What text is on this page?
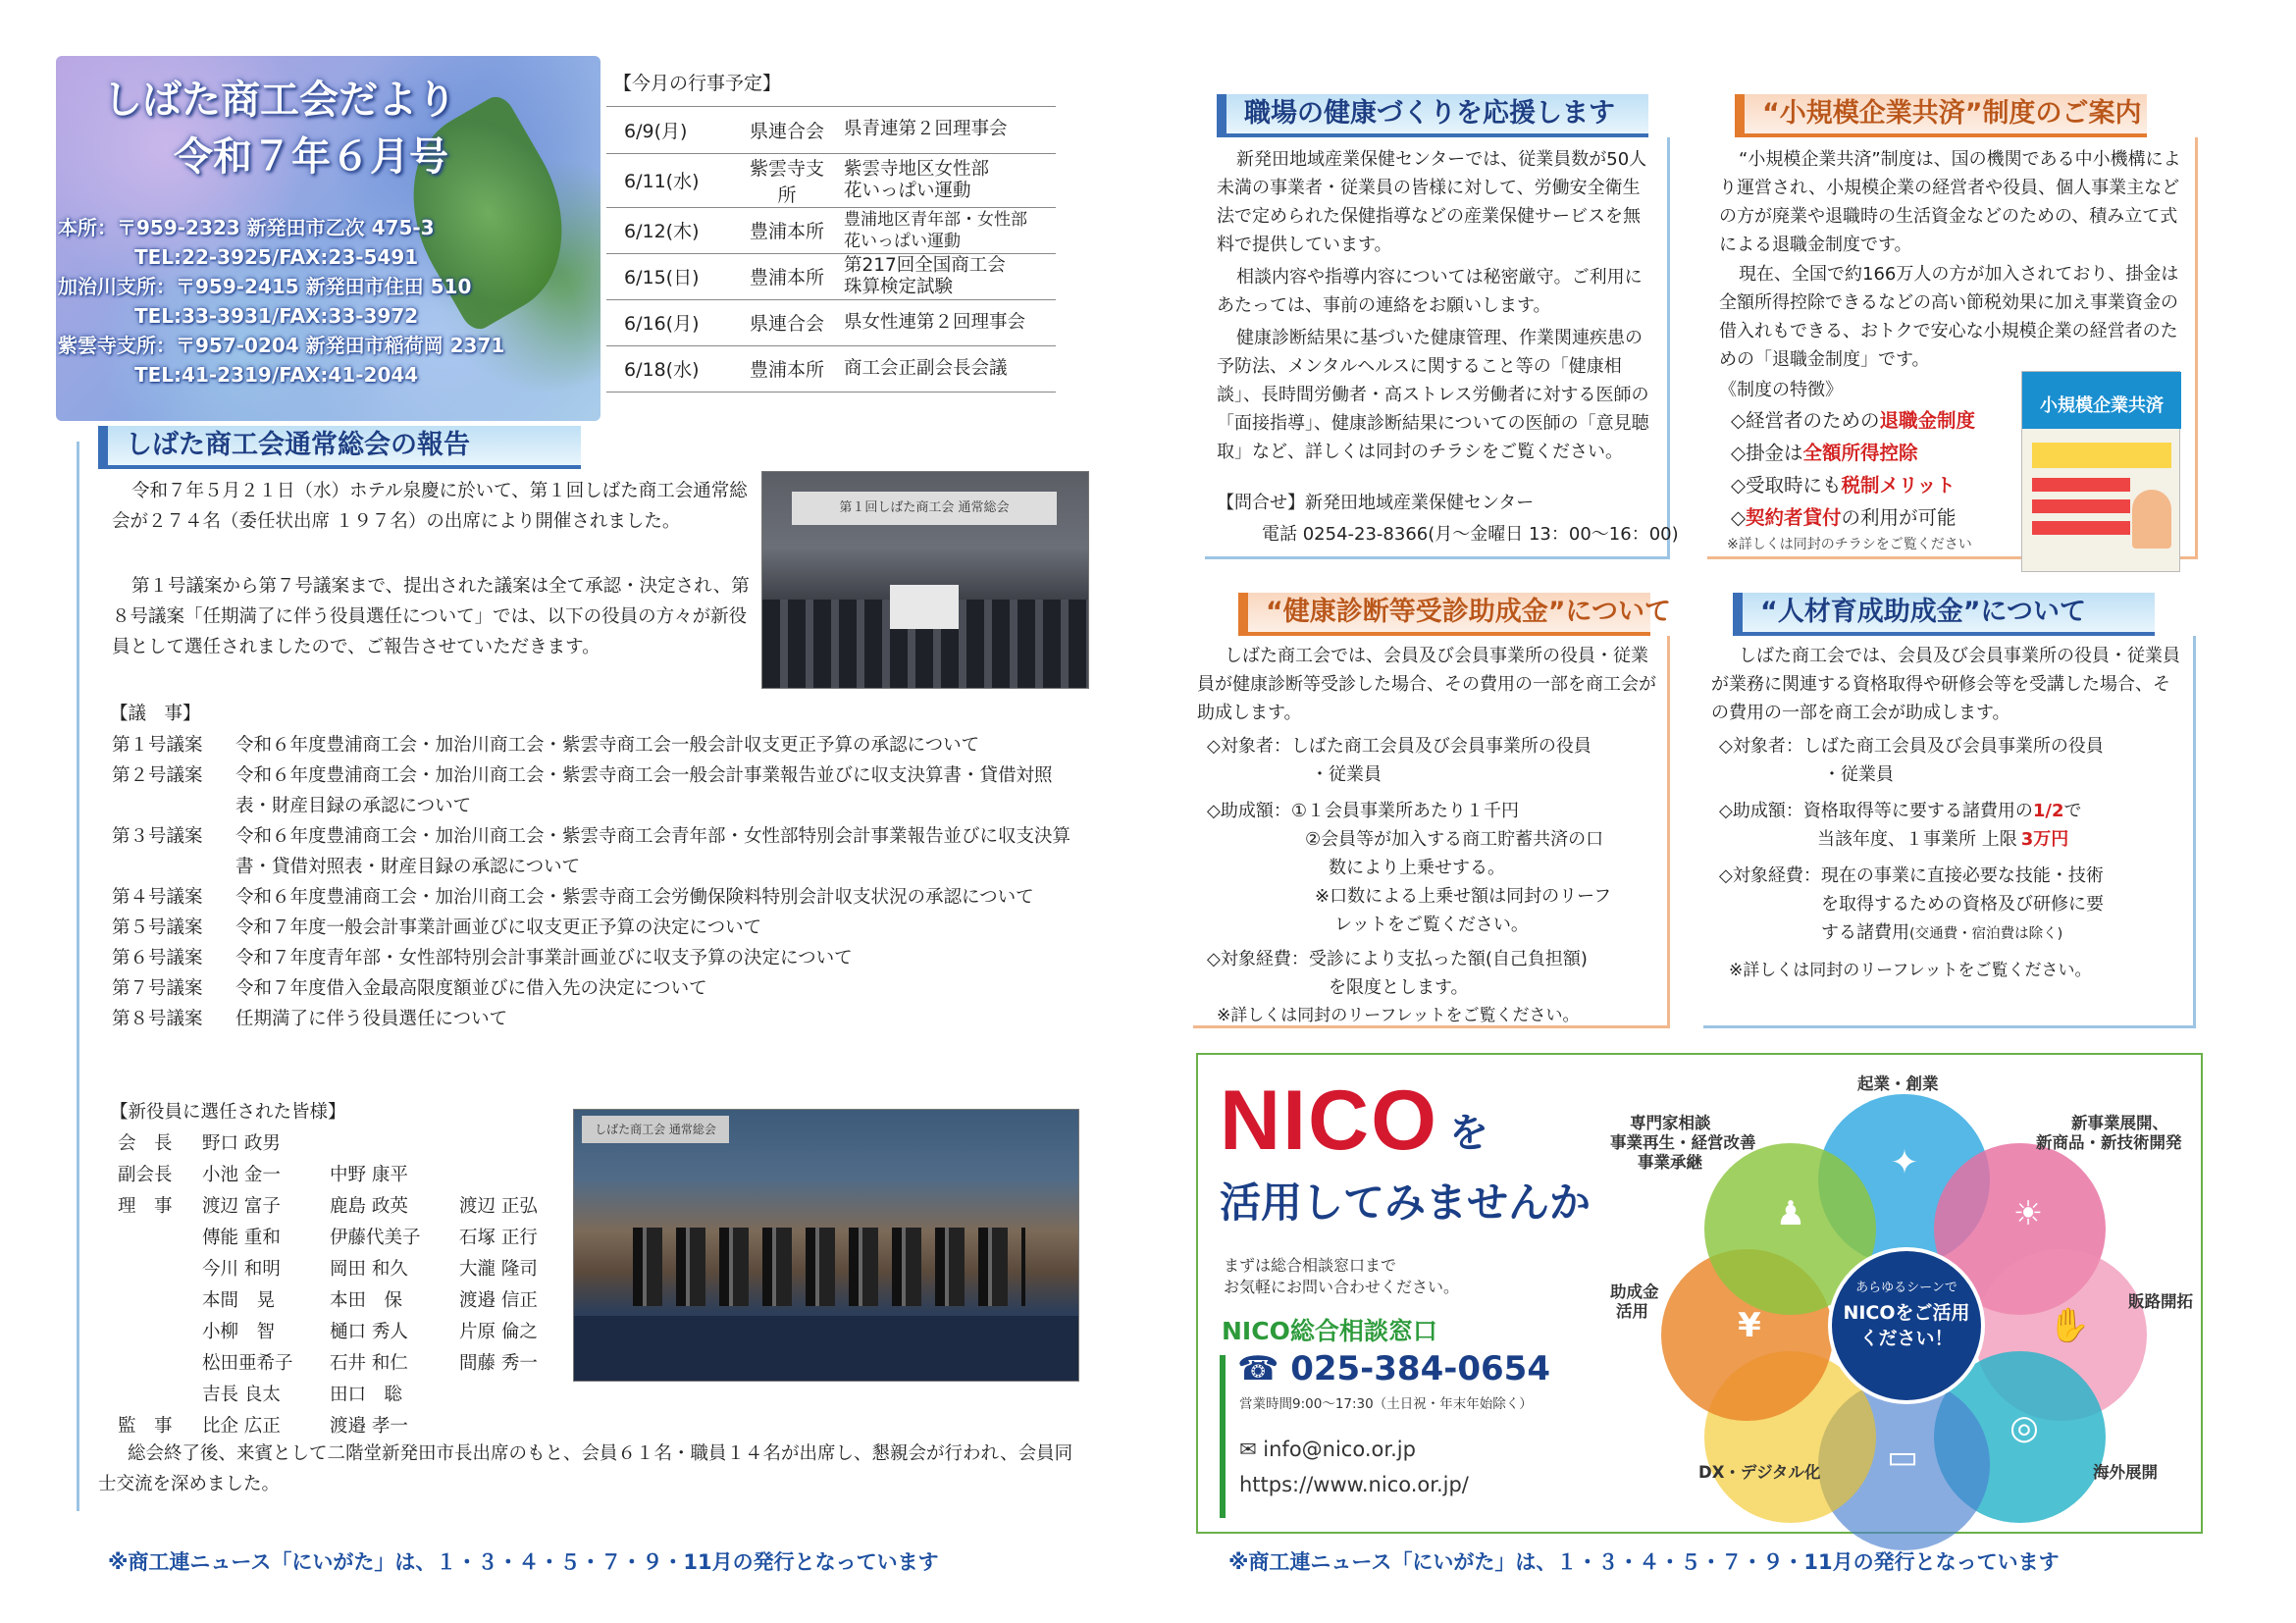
しばた商工会だより
令和７年６月号
本所：〒959-2323 新発田市乙次 475-3
TEL:22-3925/FAX:23-5491
加治川支所：〒959-2415 新発田市住田 510
TEL:33-3931/FAX:33-3972
紫雲寺支所：〒957-0204 新発田市稲荷岡 2371
TEL:41-2319/FAX:41-2044
【今月の行事予定】
6/9(月)	県連合会	県青連第２回理事会

6/11(水)	紫雲寺支所	紫雲寺地区女性部
花いっぱい運動

6/12(木)	豊浦本所	豊浦地区青年部・女性部
花いっぱい運動

6/15(日)	豊浦本所	第217回全国商工会
珠算検定試験

6/16(月)	県連合会	県女性連第２回理事会

6/18(水)	豊浦本所	商工会正副会長会議
しばた商工会通常総会の報告
令和７年５月２１日（水）ホテル泉慶に於いて、第１回しばた商工会通常総会が２７４名（委任状出席 １９７名）の出席により開催されました。
第１号議案から第７号議案まで、提出された議案は全て承認・決定され、第８号議案「任期満了に伴う役員選任について」では、以下の役員の方々が新役員として選任されましたので、ご報告させていただきます。
第１回しばた商工会 通常総会
【議　事】
第１号議案	令和６年度豊浦商工会・加治川商工会・紫雲寺商工会一般会計収支更正予算の承認について
第２号議案	令和６年度豊浦商工会・加治川商工会・紫雲寺商工会一般会計事業報告並びに収支決算書・貸借対照表・財産目録の承認について
第３号議案	令和６年度豊浦商工会・加治川商工会・紫雲寺商工会青年部・女性部特別会計事業報告並びに収支決算書・貸借対照表・財産目録の承認について
第４号議案	令和６年度豊浦商工会・加治川商工会・紫雲寺商工会労働保険料特別会計収支状況の承認について
第５号議案	令和７年度一般会計事業計画並びに収支更正予算の決定について
第６号議案	令和７年度青年部・女性部特別会計事業計画並びに収支予算の決定について
第７号議案	令和７年度借入金最高限度額並びに借入先の決定について
第８号議案	任期満了に伴う役員選任について
【新役員に選任された皆様】
会　長	野口 政男
副会長	小池 金一	中野 康平
理　事	渡辺 富子	鹿島 政英	渡辺 正弘
傳能 重和	伊藤代美子	石塚 正行
今川 和明	岡田 和久	大瀧 隆司
本間　晃	本田　保	渡邉 信正
小柳　智	樋口 秀人	片原 倫之
松田亜希子	石井 和仁	間藤 秀一
吉長 良太	田口　聡
監　事	比企 広正	渡邉 孝一
しばた商工会 通常総会
総会終了後、来賓として二階堂新発田市長出席のもと、会員６１名・職員１４名が出席し、懇親会が行われ、会員同士交流を深めました。
※商工連ニュース「にいがた」は、１・３・４・５・７・９・11月の発行となっています
職場の健康づくりを応援します
新発田地域産業保健センターでは、従業員数が50人未満の事業者・従業員の皆様に対して、労働安全衛生法で定められた保健指導などの産業保健サービスを無料で提供しています。
相談内容や指導内容については秘密厳守。ご利用にあたっては、事前の連絡をお願いします。
健康診断結果に基づいた健康管理、作業関連疾患の予防法、メンタルヘルスに関すること等の「健康相談」、長時間労働者・高ストレス労働者に対する医師の「面接指導」、健康診断結果についての医師の「意見聴取」など、詳しくは同封のチラシをご覧ください。
【問合せ】新発田地域産業保健センター
電話 0254-23-8366(月～金曜日 13：00～16：00)
“小規模企業共済”制度のご案内
“小規模企業共済”制度は、国の機関である中小機構により運営され、小規模企業の経営者や役員、個人事業主などの方が廃業や退職時の生活資金などのための、積み立て式による退職金制度です。
現在、全国で約166万人の方が加入されており、掛金は全額所得控除できるなどの高い節税効果に加え事業資金の借入れもできる、おトクで安心な小規模企業の経営者のための「退職金制度」です。
《制度の特徴》
◇経営者のための退職金制度
◇掛金は全額所得控除
◇受取時にも税制メリット
◇契約者貸付の利用が可能
※詳しくは同封のチラシをご覧ください
小規模企業共済
“健康診断等受診助成金”について
しばた商工会では、会員及び会員事業所の役員・従業員が健康診断等受診した場合、その費用の一部を商工会が助成します。
◇対象者：しばた商工会員及び会員事業所の役員
・従業員
◇助成額：①１会員事業所あたり１千円
②会員等が加入する商工貯蓄共済の口
数により上乗せする。
※口数による上乗せ額は同封のリーフ
レットをご覧ください。
◇対象経費：受診により支払った額(自己負担額)
を限度とします。
※詳しくは同封のリーフレットをご覧ください。
“人材育成助成金”について
しばた商工会では、会員及び会員事業所の役員・従業員が業務に関連する資格取得や研修会等を受講した場合、その費用の一部を商工会が助成します。
◇対象者：しばた商工会員及び会員事業所の役員
・従業員
◇助成額：資格取得等に要する諸費用の1/2で
当該年度、１事業所 上限 3万円
◇対象経費：現在の事業に直接必要な技能・技術
を取得するための資格及び研修に要
する諸費用(交通費・宿泊費は除く)
※詳しくは同封のリーフレットをご覧ください。
NICO を
活用してみませんか
まずは総合相談窓口まで
お気軽にお問い合わせください。
NICO総合相談窓口
☎ 025-384-0654
営業時間9:00～17:30（土日祝・年末年始除く）
✉ info@nico.or.jp
https://www.nico.or.jp/
あらゆるシーンで
NICOをご活用
ください！
✦
☀
✋
◎
▭
¥
♟
起業・創業
新事業展開、
新商品・新技術開発
専門家相談
事業再生・経営改善
事業承継
助成金
活用
販路開拓
DX・デジタル化	海外展開
※商工連ニュース「にいがた」は、１・３・４・５・７・９・11月の発行となっています
